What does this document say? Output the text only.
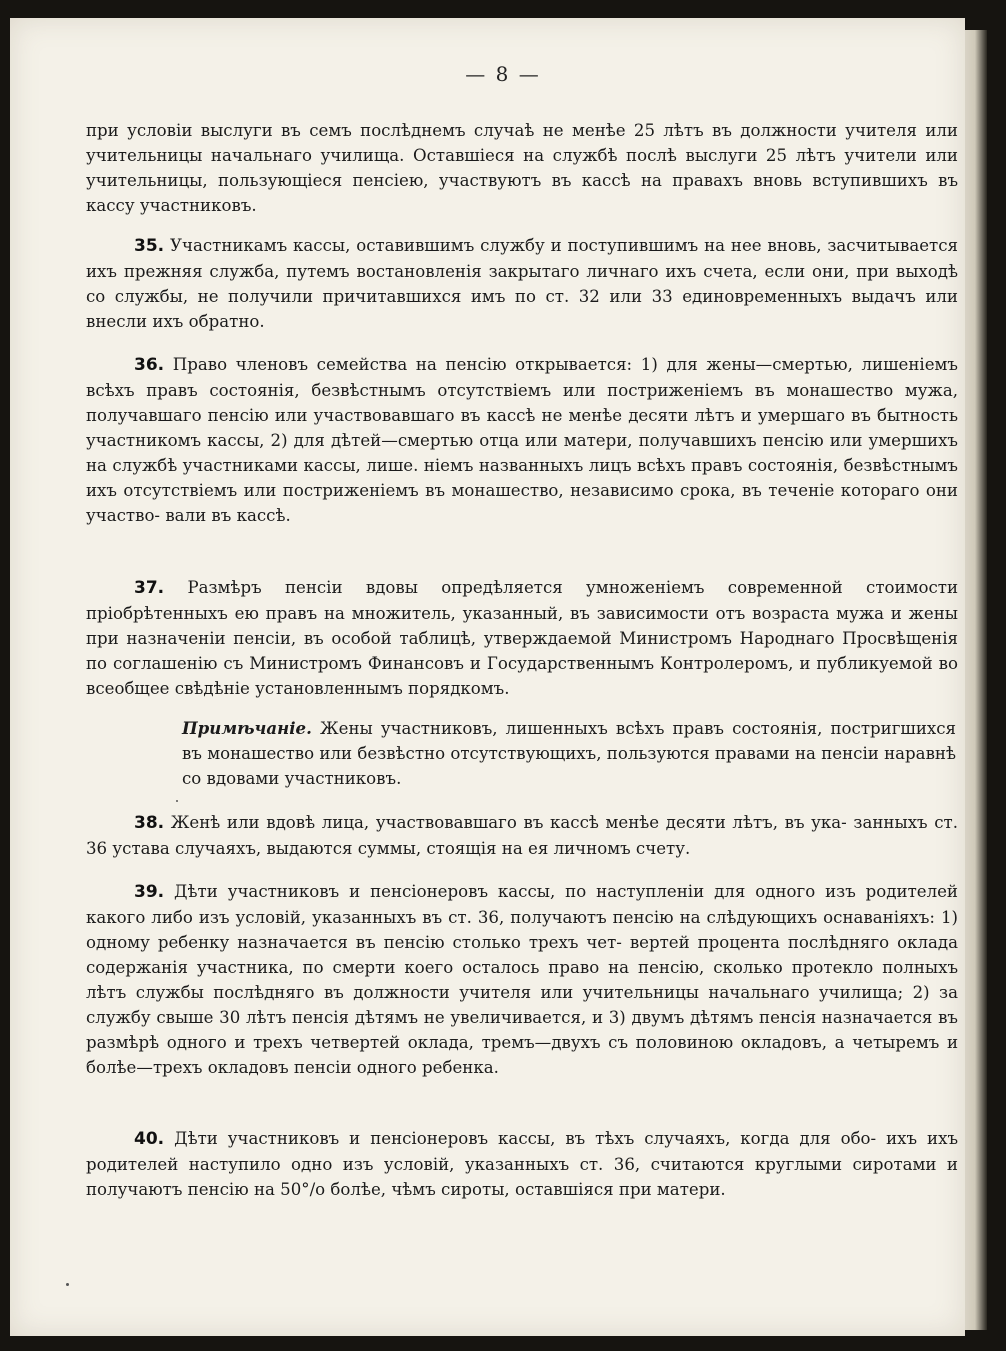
— 8 —
при условіи выслуги въ семъ послѣднемъ случаѣ не менѣе 25 лѣтъ въ должности учителя или учительницы начальнаго училища. Оставшіеся на службѣ послѣ выслуги 25 лѣтъ учители или учительницы, пользующіеся пенсіею, участвуютъ въ кассѣ на правахъ вновь вступившихъ въ кассу участниковъ.
35. Участникамъ кассы, оставившимъ службу и поступившимъ на нее вновь, засчитывается ихъ прежняя служба, путемъ востановленія закрытаго личнаго ихъ счета, если они, при выходѣ со службы, не получили причитавшихся имъ по ст. 32 или 33 единовременныхъ выдачъ или внесли ихъ обратно.
36. Право членовъ семейства на пенсію открывается: 1) для жены—смертью, лишеніемъ всѣхъ правъ состоянія, безвѣстнымъ отсутствіемъ или постриженіемъ въ монашество мужа, получавшаго пенсію или участвовавшаго въ кассѣ не менѣе десяти лѣтъ и умершаго въ бытность участникомъ кассы, 2) для дѣтей—смертью отца или матери, получавшихъ пенсію или умершихъ на службѣ участниками кассы, лише. ніемъ названныхъ лицъ всѣхъ правъ состоянія, безвѣстнымъ ихъ отсутствіемъ или постриженіемъ въ монашество, независимо срока, въ теченіе котораго они участво- вали въ кассѣ.
37. Размѣръ пенсіи вдовы опредѣляется умноженіемъ современной стоимости пріобрѣтенныхъ ею правъ на множитель, указанный, въ зависимости отъ возраста мужа и жены при назначеніи пенсіи, въ особой таблицѣ, утверждаемой Министромъ Народнаго Просвѣщенія по соглашенію съ Министромъ Финансовъ и Государственнымъ Контролеромъ, и публикуемой во всеобщее свѣдѣніе установленнымъ порядкомъ.
Примѣчаніе. Жены участниковъ, лишенныхъ всѣхъ правъ состоянія, постригшихся въ монашество или безвѣстно отсутствующихъ, пользуются правами на пенсіи наравнѣ со вдовами участниковъ.
38. Женѣ или вдовѣ лица, участвовавшаго въ кассѣ менѣе десяти лѣтъ, въ ука- занныхъ ст. 36 устава случаяхъ, выдаются суммы, стоящія на ея личномъ счету.
39. Дѣти участниковъ и пенсіонеровъ кассы, по наступленіи для одного изъ родителей какого либо изъ условій, указанныхъ въ ст. 36, получаютъ пенсію на слѣдующихъ оснаваніяхъ: 1) одному ребенку назначается въ пенсію столько трехъ чет- вертей процента послѣдняго оклада содержанія участника, по смерти коего осталось право на пенсію, сколько протекло полныхъ лѣтъ службы послѣдняго въ должности учителя или учительницы начальнаго училища; 2) за службу свыше 30 лѣтъ пенсія дѣтямъ не увеличивается, и 3) двумъ дѣтямъ пенсія назначается въ размѣрѣ одного и трехъ четвертей оклада, тремъ—двухъ съ половиною окладовъ, а четыремъ и болѣе—трехъ окладовъ пенсіи одного ребенка.
40. Дѣти участниковъ и пенсіонеровъ кассы, въ тѣхъ случаяхъ, когда для обо- ихъ ихъ родителей наступило одно изъ условій, указанныхъ ст. 36, считаются круглыми сиротами и получаютъ пенсію на 50°/о болѣе, чѣмъ сироты, оставшіяся при матери.
